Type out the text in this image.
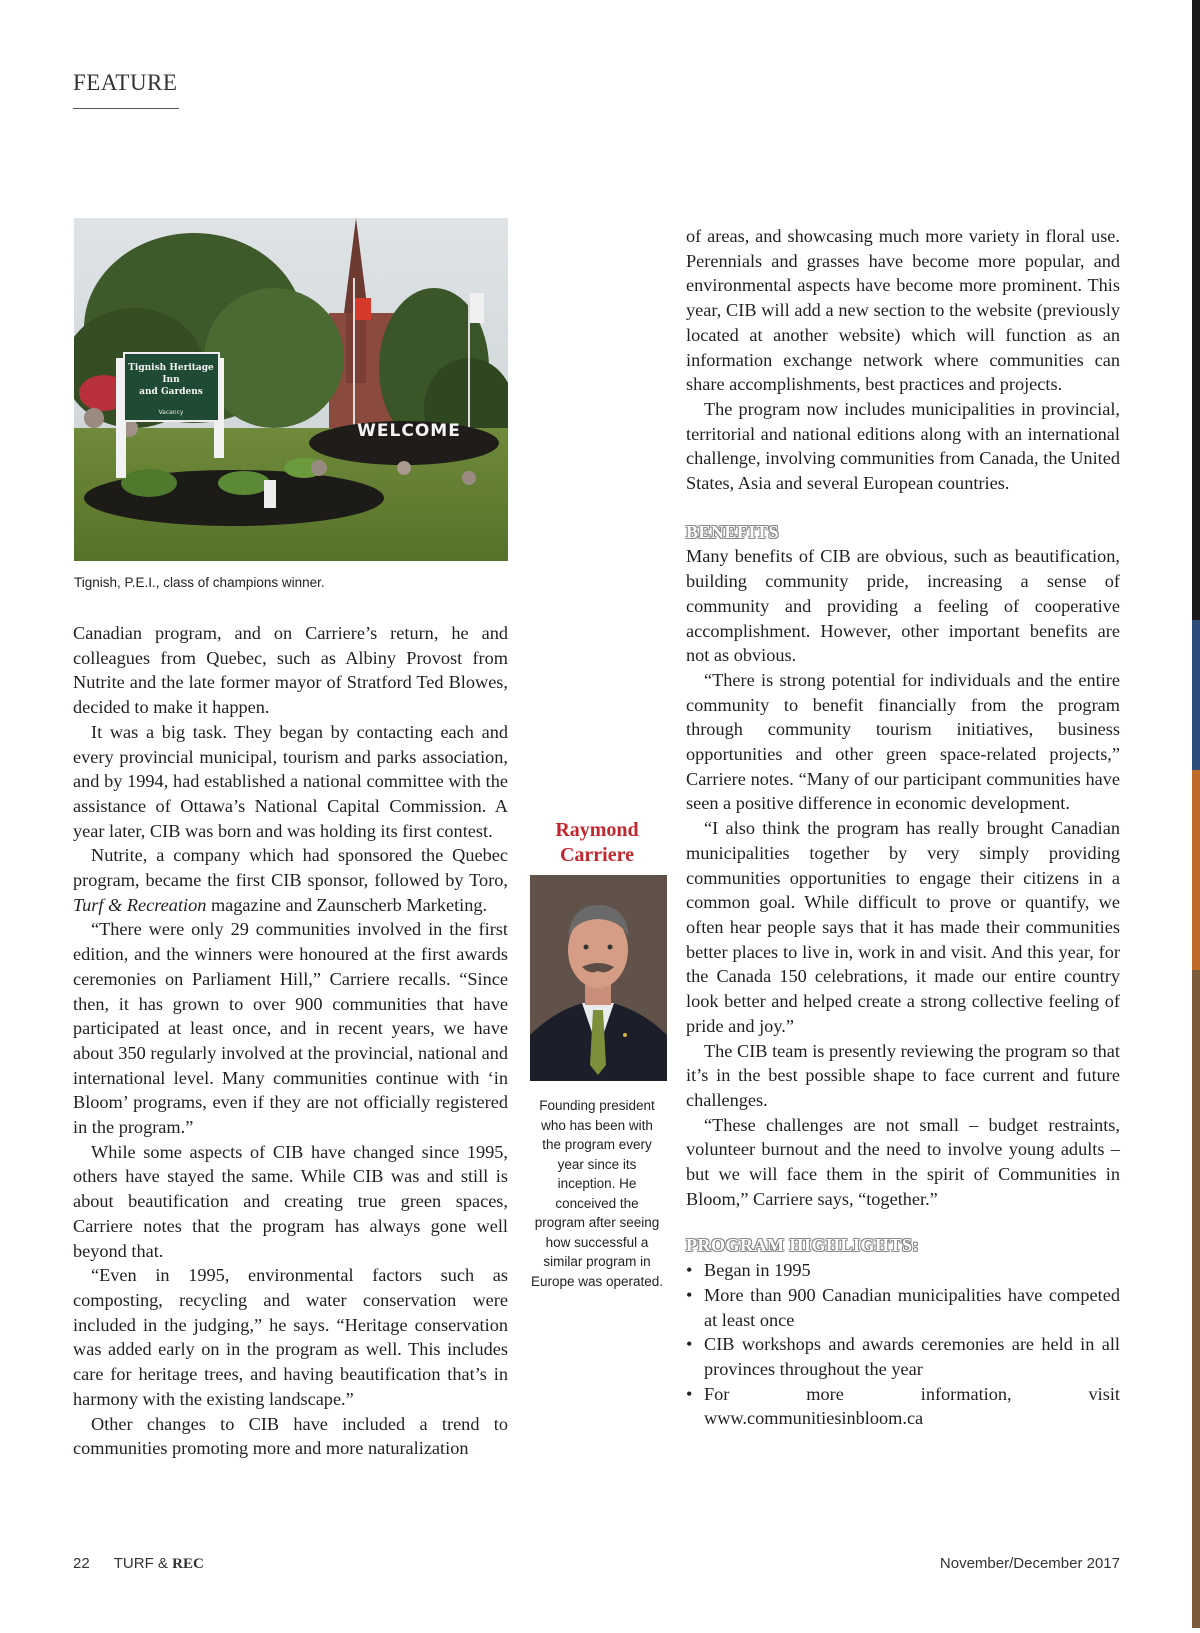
FEATURE
Tignish Heritage
Inn
and Gardens
Vacancy
WELCOME
Tignish, P.E.I., class of champions winner.

Canadian program, and on Carriere’s return, he and colleagues from Quebec, such as Albiny Provost from Nutrite and the late former mayor of Stratford Ted Blowes, decided to make it happen.

It was a big task. They began by contacting each and every provincial municipal, tourism and parks association, and by 1994, had established a national committee with the assistance of Ottawa’s National Capital Commission. A year later, CIB was born and was holding its first contest.

Nutrite, a company which had sponsored the Quebec program, became the first CIB sponsor, followed by Toro, Turf & Recreation magazine and Zaunscherb Marketing.

“There were only 29 communities involved in the first edition, and the winners were honoured at the first awards ceremonies on Parliament Hill,” Carriere recalls. “Since then, it has grown to over 900 communities that have participated at least once, and in recent years, we have about 350 regularly involved at the provincial, national and international level. Many communities continue with ‘in Bloom’ programs, even if they are not officially registered in the program.”

While some aspects of CIB have changed since 1995, others have stayed the same. While CIB was and still is about beautification and creating true green spaces, Carriere notes that the program has always gone well beyond that.

“Even in 1995, environmental factors such as composting, recycling and water conservation were included in the judging,” he says. “Heritage conservation was added early on in the program as well. This includes care for heritage trees, and having beautification that’s in harmony with the existing landscape.”

Other changes to CIB have included a trend to communities promoting more and more naturalization

Raymond Carriere
Founding president who has been with the program every year since its inception. He conceived the program after seeing how successful a similar program in Europe was operated.

of areas, and showcasing much more variety in floral use. Perennials and grasses have become more popular, and environmental aspects have become more prominent. This year, CIB will add a new section to the website (previously located at another website) which will function as an information exchange network where communities can share accomplishments, best practices and projects.

The program now includes municipalities in provincial, territorial and national editions along with an international challenge, involving communities from Canada, the United States, Asia and several European countries.

BENEFITS

Many benefits of CIB are obvious, such as beautification, building community pride, increasing a sense of community and providing a feeling of cooperative accomplishment. However, other important benefits are not as obvious.

“There is strong potential for individuals and the entire community to benefit financially from the program through community tourism initiatives, business opportunities and other green space-related projects,” Carriere notes. “Many of our participant communities have seen a positive difference in economic development.

“I also think the program has really brought Canadian municipalities together by very simply providing communities opportunities to engage their citizens in a common goal. While difficult to prove or quantify, we often hear people says that it has made their communities better places to live in, work in and visit. And this year, for the Canada 150 celebrations, it made our entire country look better and helped create a strong collective feeling of pride and joy.”

The CIB team is presently reviewing the program so that it’s in the best possible shape to face current and future challenges.

“These challenges are not small – budget restraints, volunteer burnout and the need to involve young adults – but we will face them in the spirit of Communities in Bloom,” Carriere says, “together.”

PROGRAM HIGHLIGHTS:
• Began in 1995
• More than 900 Canadian municipalities have competed at least once
• CIB workshops and awards ceremonies are held in all provinces throughout the year
• For more information, visit www.communitiesinbloom.ca
22 TURF & REC	November/December 2017
